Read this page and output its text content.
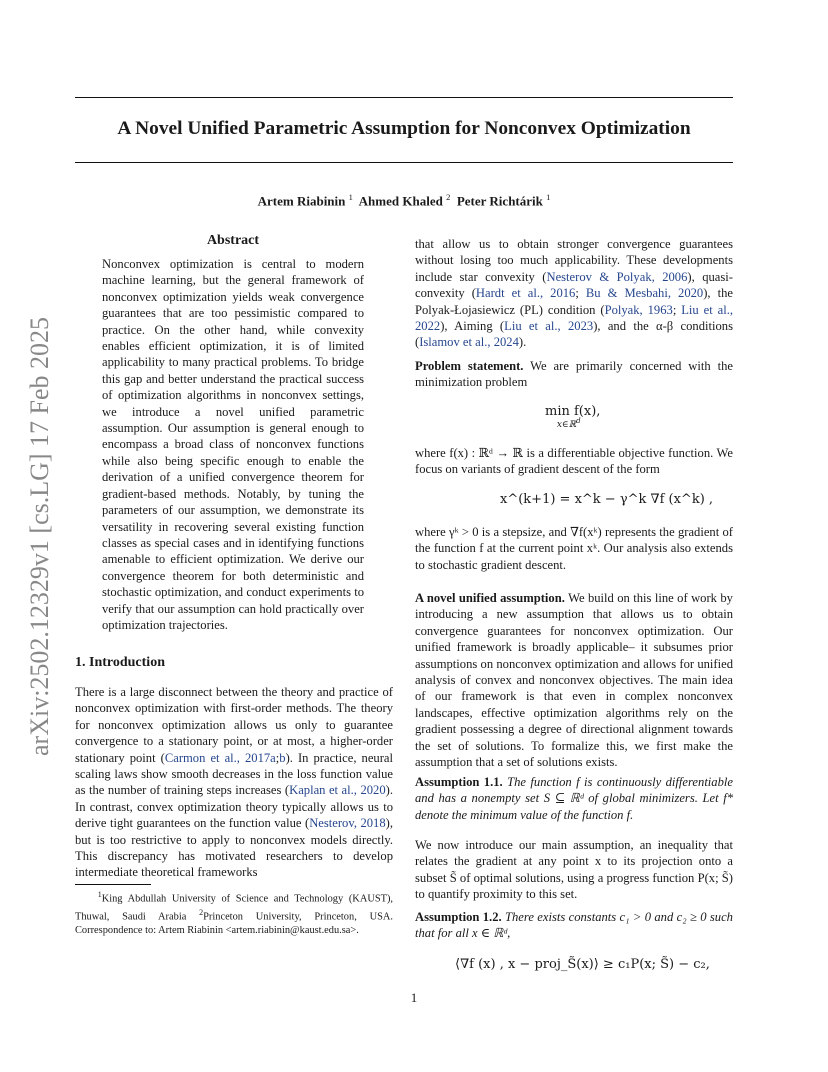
A Novel Unified Parametric Assumption for Nonconvex Optimization
Artem Riabinin $^1$ Ahmed Khaled $^2$ Peter Richtárik $^1$
arXiv:2502.12329v1 [cs.LG] 17 Feb 2025
Abstract

Nonconvex optimization is central to modern machine learning, but the general framework of nonconvex optimization yields weak convergence guarantees that are too pessimistic compared to practice. On the other hand, while convexity enables efficient optimization, it is of limited applicability to many practical problems. To bridge this gap and better understand the practical success of optimization algorithms in nonconvex settings, we introduce a novel unified parametric assumption. Our assumption is general enough to encompass a broad class of nonconvex functions while also being specific enough to enable the derivation of a unified convergence theorem for gradient-based methods. Notably, by tuning the parameters of our assumption, we demonstrate its versatility in recovering several existing function classes as special cases and in identifying functions amenable to efficient optimization. We derive our convergence theorem for both deterministic and stochastic optimization, and conduct experiments to verify that our assumption can hold practically over optimization trajectories.

1. Introduction

There is a large disconnect between the theory and practice of nonconvex optimization with first-order methods. The theory for nonconvex optimization allows us only to guarantee convergence to a stationary point, or at most, a higher-order stationary point (Carmon et al., 2017a;b). In practice, neural scaling laws show smooth decreases in the loss function value as the number of training steps increases (Kaplan et al., 2020). In contrast, convex optimization theory typically allows us to derive tight guarantees on the function value (Nesterov, 2018), but is too restrictive to apply to nonconvex models directly. This discrepancy has motivated researchers to develop intermediate theoretical frameworks

$^1$King Abdullah University of Science and Technology (KAUST), Thuwal, Saudi Arabia $^2$Princeton University, Princeton, USA. Correspondence to: Artem Riabinin <artem.riabinin@kaust.edu.sa>.

that allow us to obtain stronger convergence guarantees without losing too much applicability. These developments include star convexity (Nesterov & Polyak, 2006), quasi-convexity (Hardt et al., 2016; Bu & Mesbahi, 2020), the Polyak-Łojasiewicz (PL) condition (Polyak, 1963; Liu et al., 2022), Aiming (Liu et al., 2023), and the α-β conditions (Islamov et al., 2024).

Problem statement. We are primarily concerned with the minimization problem

min f(x),
x∈ℝ$^d$

where f(x) : ℝᵈ → ℝ is a differentiable objective function. We focus on variants of gradient descent of the form

x^(k+1) = x^k − γ^k ∇f (x^k) ,

where γᵏ > 0 is a stepsize, and ∇f(xᵏ) represents the gradient of the function f at the current point xᵏ. Our analysis also extends to stochastic gradient descent.

A novel unified assumption. We build on this line of work by introducing a new assumption that allows us to obtain convergence guarantees for nonconvex optimization. Our unified framework is broadly applicable– it subsumes prior assumptions on nonconvex optimization and allows for unified analysis of convex and nonconvex objectives. The main idea of our framework is that even in complex nonconvex landscapes, effective optimization algorithms rely on the gradient possessing a degree of directional alignment towards the set of solutions. To formalize this, we first make the assumption that a set of solutions exists.

Assumption 1.1. The function f is continuously differentiable and has a nonempty set S ⊆ ℝᵈ of global minimizers. Let f* denote the minimum value of the function f.

We now introduce our main assumption, an inequality that relates the gradient at any point x to its projection onto a subset S̃ of optimal solutions, using a progress function P(x; S̃) to quantify proximity to this set.

Assumption 1.2. There exists constants c₁ > 0 and c₂ ≥ 0 such that for all x ∈ ℝᵈ,

⟨∇f (x) , x − proj_S̃(x)⟩ ≥ c₁P(x; S̃) − c₂,
1
